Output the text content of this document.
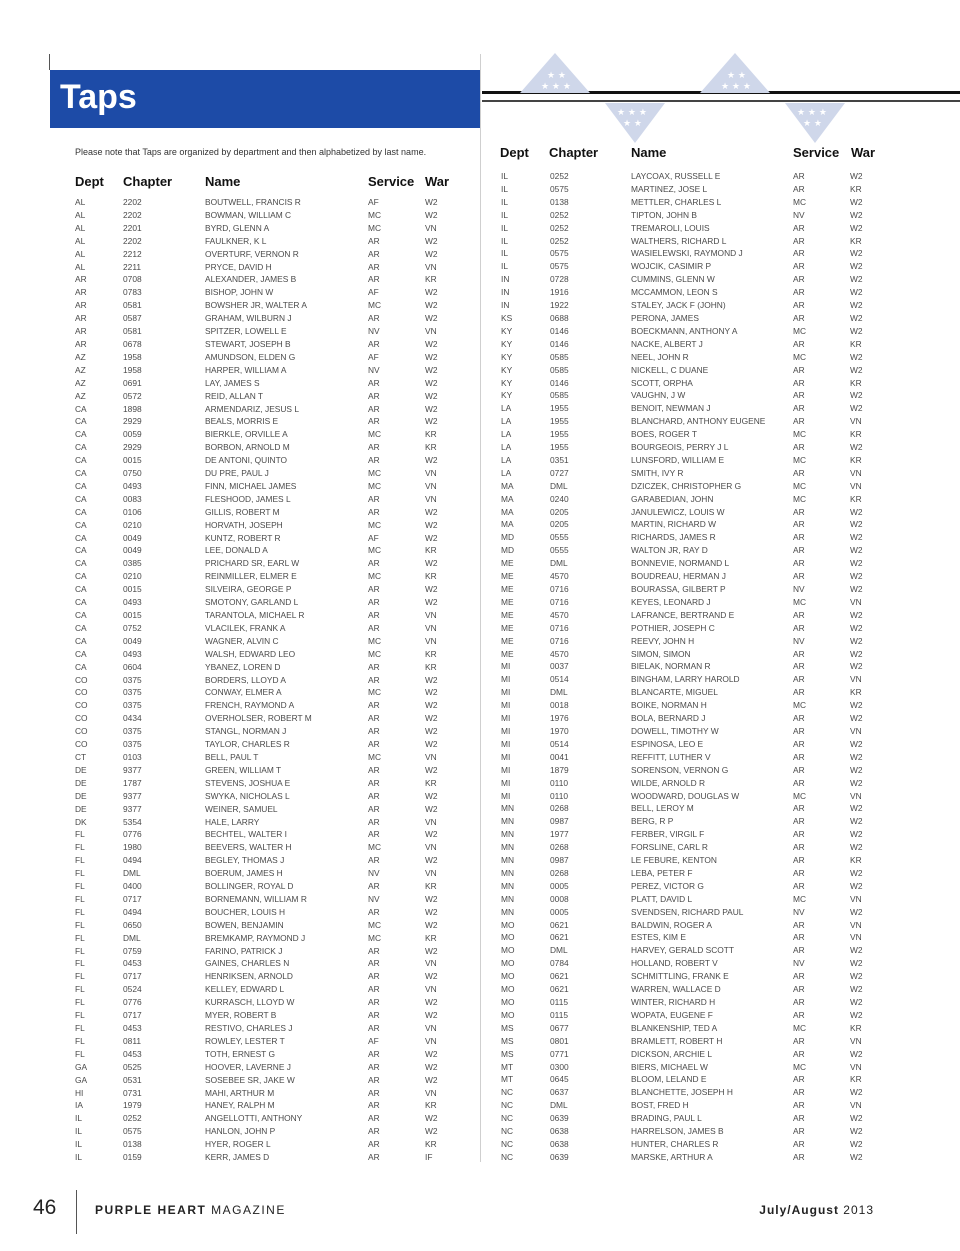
Taps
★ ★
★ ★ ★
★ ★
★ ★ ★
★ ★ ★
★ ★
★ ★ ★
★ ★
Please note that Taps are organized by department and then alphabetized by last name.
Dept Chapter	Name	Service War
Dept Chapter	Name	Service War
AL	2202	BOUTWELL, FRANCIS R	AF	W2
AL	2202	BOWMAN, WILLIAM C	MC	W2
AL	2201	BYRD, GLENN A	MC	VN
AL	2202	FAULKNER, K L	AR	W2
AL	2212	OVERTURF, VERNON R	AR	W2
AL	2211	PRYCE, DAVID H	AR	VN
AR	0708	ALEXANDER, JAMES B	AR	KR
AR	0783	BISHOP, JOHN W	AF	W2
AR	0581	BOWSHER JR, WALTER A	MC	W2
AR	0587	GRAHAM, WILBURN J	AR	W2
AR	0581	SPITZER, LOWELL E	NV	VN
AR	0678	STEWART, JOSEPH B	AR	W2
AZ	1958	AMUNDSON, ELDEN G	AF	W2
AZ	1958	HARPER, WILLIAM A	NV	W2
AZ	0691	LAY, JAMES S	AR	W2
AZ	0572	REID, ALLAN T	AR	W2
CA	1898	ARMENDARIZ, JESUS L	AR	W2
CA	2929	BEALS, MORRIS E	AR	W2
CA	0059	BIERKLE, ORVILLE A	MC	KR
CA	2929	BORBON, ARNOLD M	AR	KR
CA	0015	DE ANTONI, QUINTO	AR	W2
CA	0750	DU PRE, PAUL J	MC	VN
CA	0493	FINN, MICHAEL JAMES	MC	VN
CA	0083	FLESHOOD, JAMES L	AR	VN
CA	0106	GILLIS, ROBERT M	AR	W2
CA	0210	HORVATH, JOSEPH	MC	W2
CA	0049	KUNTZ, ROBERT R	AF	W2
CA	0049	LEE, DONALD A	MC	KR
CA	0385	PRICHARD SR, EARL W	AR	W2
CA	0210	REINMILLER, ELMER E	MC	KR
CA	0015	SILVEIRA, GEORGE P	AR	W2
CA	0493	SMOTONY, GARLAND L	AR	W2
CA	0015	TARANTOLA, MICHAEL R	AR	VN
CA	0752	VLACILEK, FRANK A	AR	VN
CA	0049	WAGNER, ALVIN C	MC	VN
CA	0493	WALSH, EDWARD LEO	MC	KR
CA	0604	YBANEZ, LOREN D	AR	KR
CO	0375	BORDERS, LLOYD A	AR	W2
CO	0375	CONWAY, ELMER A	MC	W2
CO	0375	FRENCH, RAYMOND A	AR	W2
CO	0434	OVERHOLSER, ROBERT M	AR	W2
CO	0375	STANGL, NORMAN J	AR	W2
CO	0375	TAYLOR, CHARLES R	AR	W2
CT	0103	BELL, PAUL T	MC	VN
DE	9377	GREEN, WILLIAM T	AR	W2
DE	1787	STEVENS, JOSHUA E	AR	KR
DE	9377	SWYKA, NICHOLAS L	AR	W2
DE	9377	WEINER, SAMUEL	AR	W2
DK	5354	HALE, LARRY	AR	VN
FL	0776	BECHTEL, WALTER I	AR	W2
FL	1980	BEEVERS, WALTER H	MC	VN
FL	0494	BEGLEY, THOMAS J	AR	W2
FL	DML	BOERUM, JAMES H	NV	VN
FL	0400	BOLLINGER, ROYAL D	AR	KR
FL	0717	BORNEMANN, WILLIAM R	NV	W2
FL	0494	BOUCHER, LOUIS H	AR	W2
FL	0650	BOWEN, BENJAMIN	MC	W2
FL	DML	BREMKAMP, RAYMOND J	MC	KR
FL	0759	FARINO, PATRICK J	AR	W2
FL	0453	GAINES, CHARLES N	AR	VN
FL	0717	HENRIKSEN, ARNOLD	AR	W2
FL	0524	KELLEY, EDWARD L	AR	VN
FL	0776	KURRASCH, LLOYD W	AR	W2
FL	0717	MYER, ROBERT B	AR	W2
FL	0453	RESTIVO, CHARLES J	AR	VN
FL	0811	ROWLEY, LESTER T	AF	VN
FL	0453	TOTH, ERNEST G	AR	W2
GA	0525	HOOVER, LAVERNE J	AR	W2
GA	0531	SOSEBEE SR, JAKE W	AR	W2
HI	0731	MAHI, ARTHUR M	AR	VN
IA	1979	HANEY, RALPH M	AR	KR
IL	0252	ANGELLOTTI, ANTHONY	AR	W2
IL	0575	HANLON, JOHN P	AR	W2
IL	0138	HYER, ROGER L	AR	KR
IL	0159	KERR, JAMES D	AR	IF
IL	0252	LAYCOAX, RUSSELL E	AR	W2
IL	0575	MARTINEZ, JOSE L	AR	KR
IL	0138	METTLER, CHARLES L	MC	W2
IL	0252	TIPTON, JOHN B	NV	W2
IL	0252	TREMAROLI, LOUIS	AR	W2
IL	0252	WALTHERS, RICHARD L	AR	KR
IL	0575	WASIELEWSKI, RAYMOND J	AR	W2
IL	0575	WOJCIK, CASIMIR P	AR	W2
IN	0728	CUMMINS, GLENN W	AR	W2
IN	1916	MCCAMMON, LEON S	AR	W2
IN	1922	STALEY, JACK F (JOHN)	AR	W2
KS	0688	PERONA, JAMES	AR	W2
KY	0146	BOECKMANN, ANTHONY A	MC	W2
KY	0146	NACKE, ALBERT J	AR	KR
KY	0585	NEEL, JOHN R	MC	W2
KY	0585	NICKELL, C DUANE	AR	W2
KY	0146	SCOTT, ORPHA	AR	KR
KY	0585	VAUGHN, J W	AR	W2
LA	1955	BENOIT, NEWMAN J	AR	W2
LA	1955	BLANCHARD, ANTHONY EUGENE	AR	VN
LA	1955	BOES, ROGER T	MC	KR
LA	1955	BOURGEOIS, PERRY J L	AR	W2
LA	0351	LUNSFORD, WILLIAM E	MC	KR
LA	0727	SMITH, IVY R	AR	VN
MA	DML	DZICZEK, CHRISTOPHER G	MC	VN
MA	0240	GARABEDIAN, JOHN	MC	KR
MA	0205	JANULEWICZ, LOUIS W	AR	W2
MA	0205	MARTIN, RICHARD W	AR	W2
MD	0555	RICHARDS, JAMES R	AR	W2
MD	0555	WALTON JR, RAY D	AR	W2
ME	DML	BONNEVIE, NORMAND L	AR	W2
ME	4570	BOUDREAU, HERMAN J	AR	W2
ME	0716	BOURASSA, GILBERT P	NV	W2
ME	0716	KEYES, LEONARD J	MC	VN
ME	4570	LAFRANCE, BERTRAND E	AR	W2
ME	0716	POTHIER, JOSEPH C	AR	W2
ME	0716	REEVY, JOHN H	NV	W2
ME	4570	SIMON, SIMON	AR	W2
MI	0037	BIELAK, NORMAN R	AR	W2
MI	0514	BINGHAM, LARRY HAROLD	AR	VN
MI	DML	BLANCARTE, MIGUEL	AR	KR
MI	0018	BOIKE, NORMAN H	MC	W2
MI	1976	BOLA, BERNARD J	AR	W2
MI	1970	DOWELL, TIMOTHY W	AR	VN
MI	0514	ESPINOSA, LEO E	AR	W2
MI	0041	REFFITT, LUTHER V	AR	W2
MI	1879	SORENSON, VERNON G	AR	W2
MI	0110	WILDE, ARNOLD R	AR	W2
MI	0110	WOODWARD, DOUGLAS W	MC	VN
MN	0268	BELL, LEROY M	AR	W2
MN	0987	BERG, R P	AR	W2
MN	1977	FERBER, VIRGIL F	AR	W2
MN	0268	FORSLINE, CARL R	AR	W2
MN	0987	LE FEBURE, KENTON	AR	KR
MN	0268	LEBA, PETER F	AR	W2
MN	0005	PEREZ, VICTOR G	AR	W2
MN	0008	PLATT, DAVID L	MC	VN
MN	0005	SVENDSEN, RICHARD PAUL	NV	W2
MO	0621	BALDWIN, ROGER A	AR	VN
MO	0621	ESTES, KIM E	AR	VN
MO	DML	HARVEY, GERALD SCOTT	AR	W2
MO	0784	HOLLAND, ROBERT V	NV	W2
MO	0621	SCHMITTLING, FRANK E	AR	W2
MO	0621	WARREN, WALLACE D	AR	W2
MO	0115	WINTER, RICHARD H	AR	W2
MO	0115	WOPATA, EUGENE F	AR	W2
MS	0677	BLANKENSHIP, TED A	MC	KR
MS	0801	BRAMLETT, ROBERT H	AR	VN
MS	0771	DICKSON, ARCHIE L	AR	W2
MT	0300	BIERS, MICHAEL W	MC	VN
MT	0645	BLOOM, LELAND E	AR	KR
NC	0637	BLANCHETTE, JOSEPH H	AR	W2
NC	DML	BOST, FRED H	AR	VN
NC	0639	BRADING, PAUL L	AR	W2
NC	0638	HARRELSON, JAMES B	AR	W2
NC	0638	HUNTER, CHARLES R	AR	W2
NC	0639	MARSKE, ARTHUR A	AR	W2
46	PURPLE HEART MAGAZINE	July/August 2013
